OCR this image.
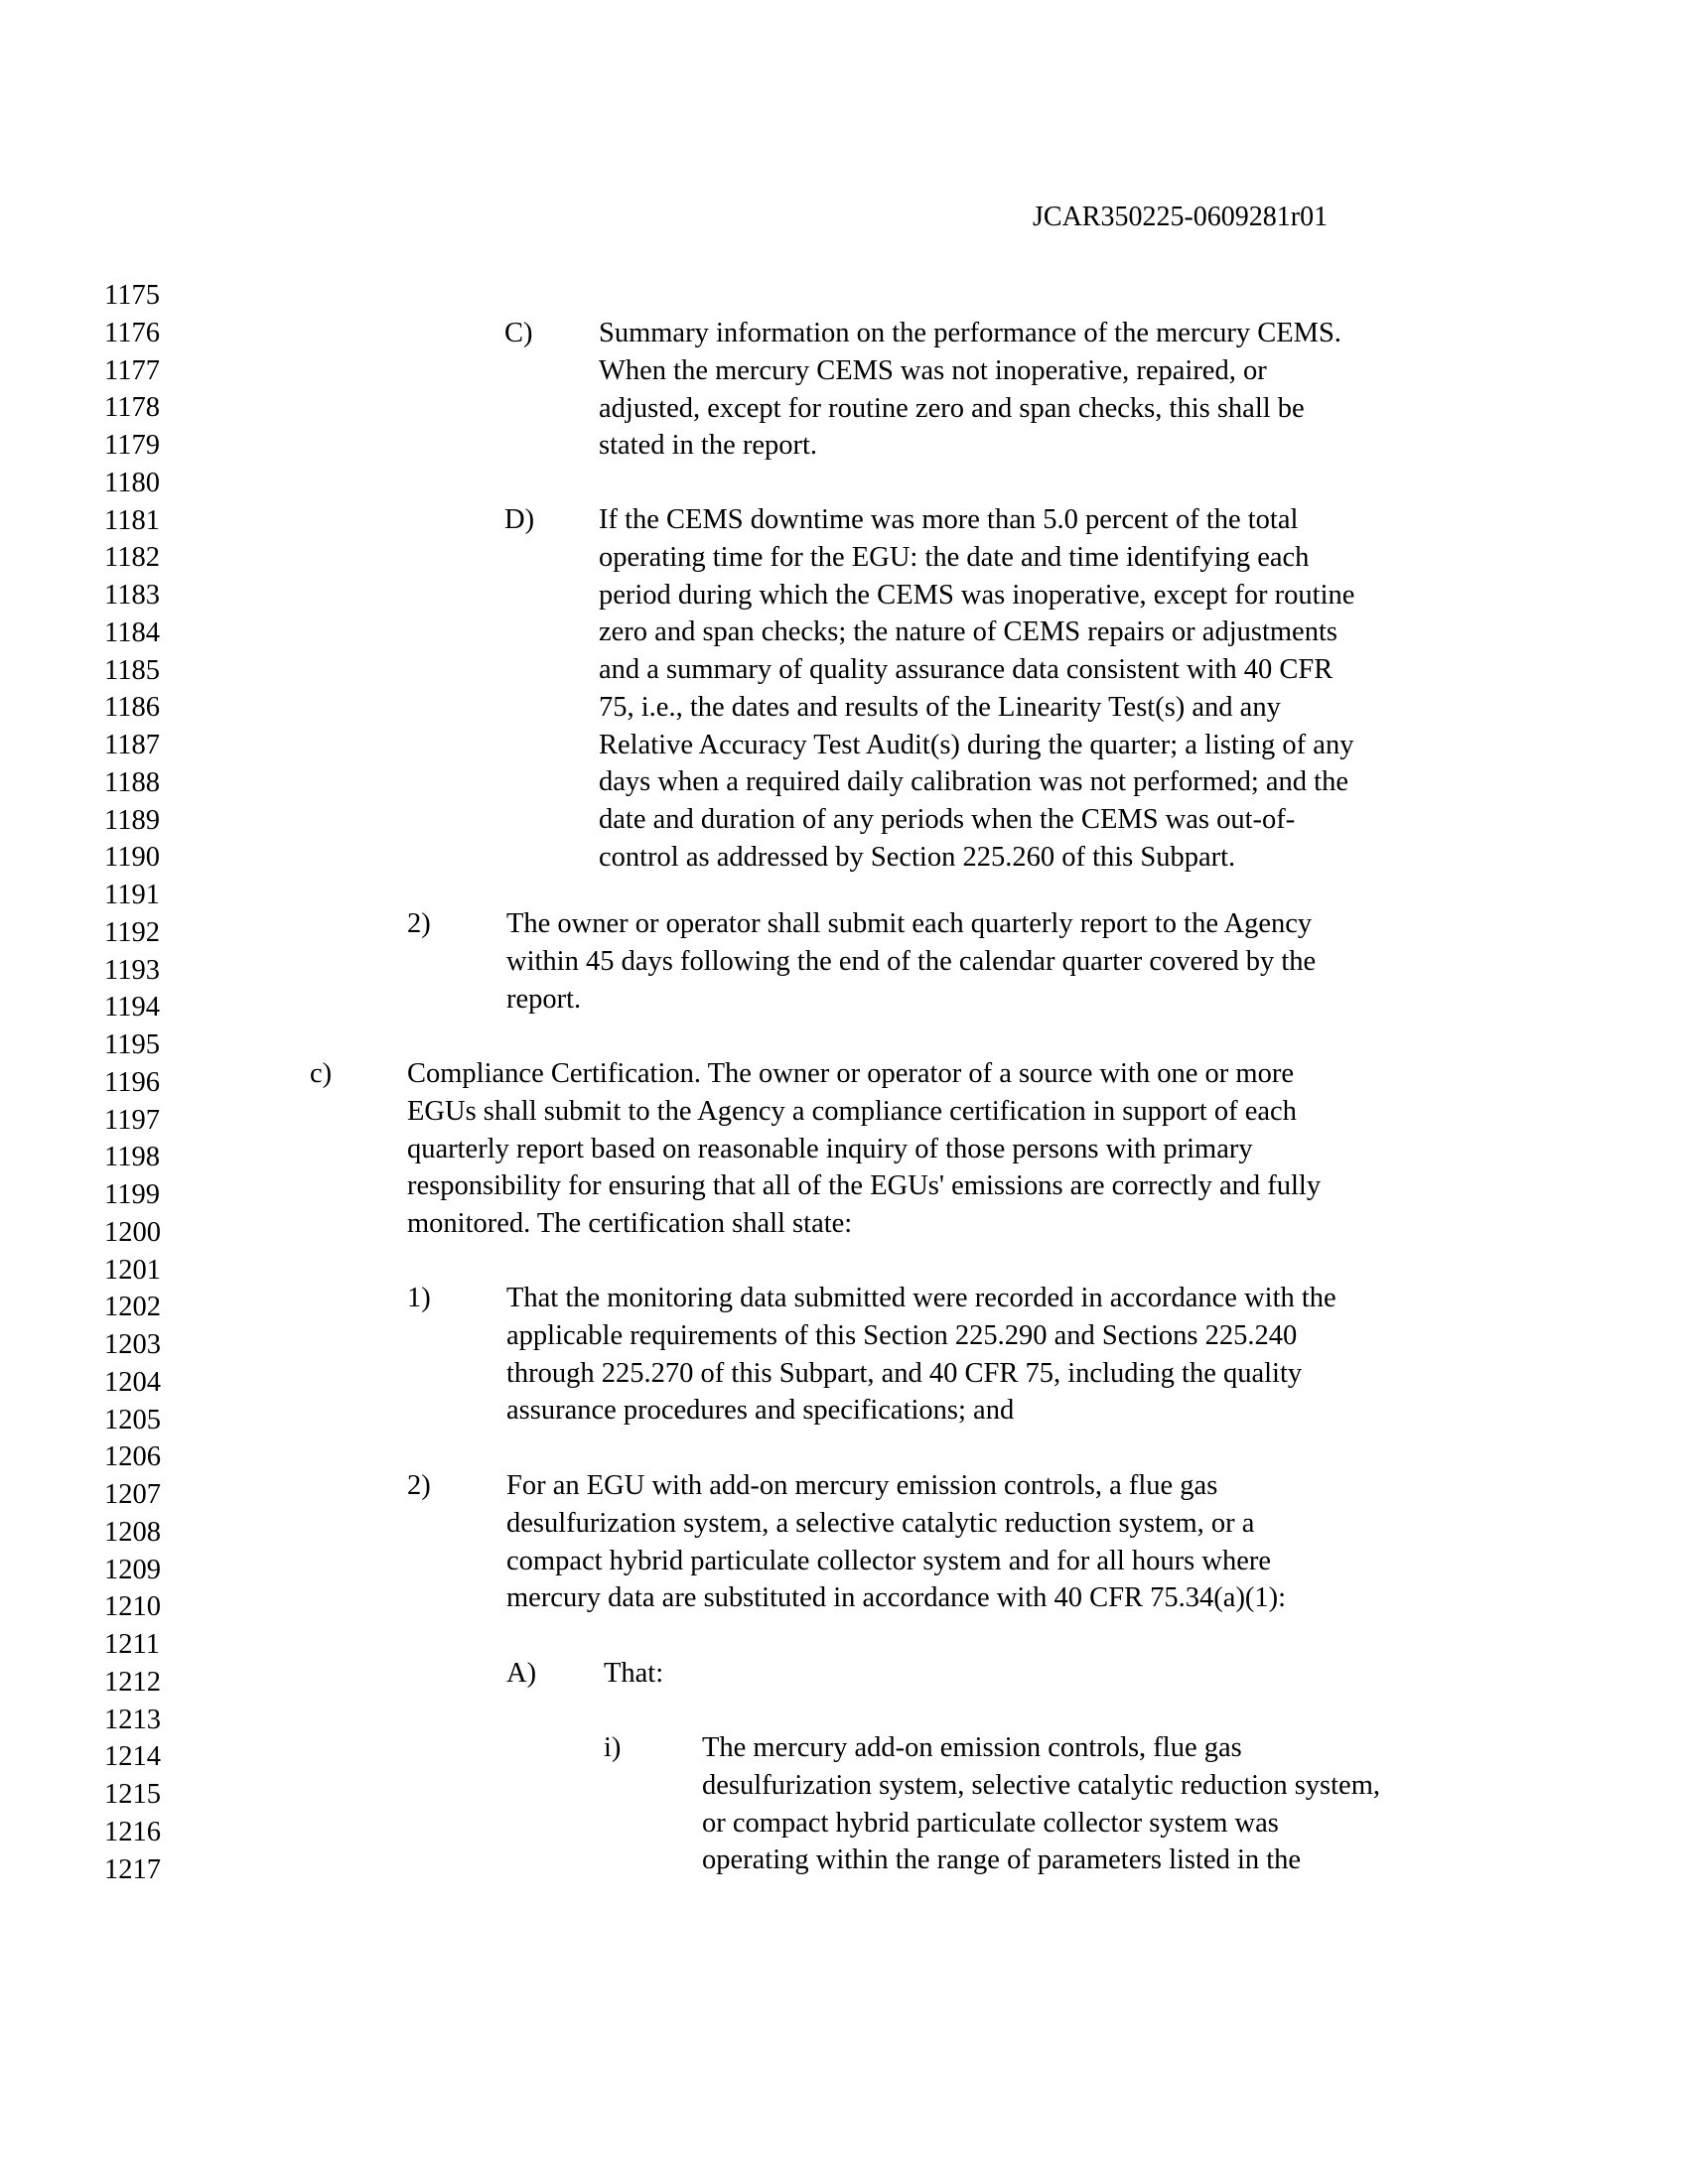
JCAR350225-0609281r01
1175
1176
1177
1178
1179
1180
1181
1182
1183
1184
1185
1186
1187
1188
1189
1190
1191
1192
1193
1194
1195
1196
1197
1198
1199
1200
1201
1202
1203
1204
1205
1206
1207
1208
1209
1210
1211
1212
1213
1214
1215
1216
1217
C) Summary information on the performance of the mercury CEMS.
When the mercury CEMS was not inoperative, repaired, or
adjusted, except for routine zero and span checks, this shall be
stated in the report.
D) If the CEMS downtime was more than 5.0 percent of the total
operating time for the EGU: the date and time identifying each
period during which the CEMS was inoperative, except for routine
zero and span checks; the nature of CEMS repairs or adjustments
and a summary of quality assurance data consistent with 40 CFR
75, i.e., the dates and results of the Linearity Test(s) and any
Relative Accuracy Test Audit(s) during the quarter; a listing of any
days when a required daily calibration was not performed; and the
date and duration of any periods when the CEMS was out-of-
control as addressed by Section 225.260 of this Subpart.
2)	The owner or operator shall submit each quarterly report to the Agency
within 45 days following the end of the calendar quarter covered by the
report.
c)	Compliance Certification. The owner or operator of a source with one or more
EGUs shall submit to the Agency a compliance certification in support of each
quarterly report based on reasonable inquiry of those persons with primary
responsibility for ensuring that all of the EGUs' emissions are correctly and fully
monitored. The certification shall state:
1)	That the monitoring data submitted were recorded in accordance with the
applicable requirements of this Section 225.290 and Sections 225.240
through 225.270 of this Subpart, and 40 CFR 75, including the quality
assurance procedures and specifications; and
2)	For an EGU with add-on mercury emission controls, a flue gas
desulfurization system, a selective catalytic reduction system, or a
compact hybrid particulate collector system and for all hours where
mercury data are substituted in accordance with 40 CFR 75.34(a)(1):
A) That:
i)	The mercury add-on emission controls, flue gas
desulfurization system, selective catalytic reduction system,
or compact hybrid particulate collector system was
operating within the range of parameters listed in the
